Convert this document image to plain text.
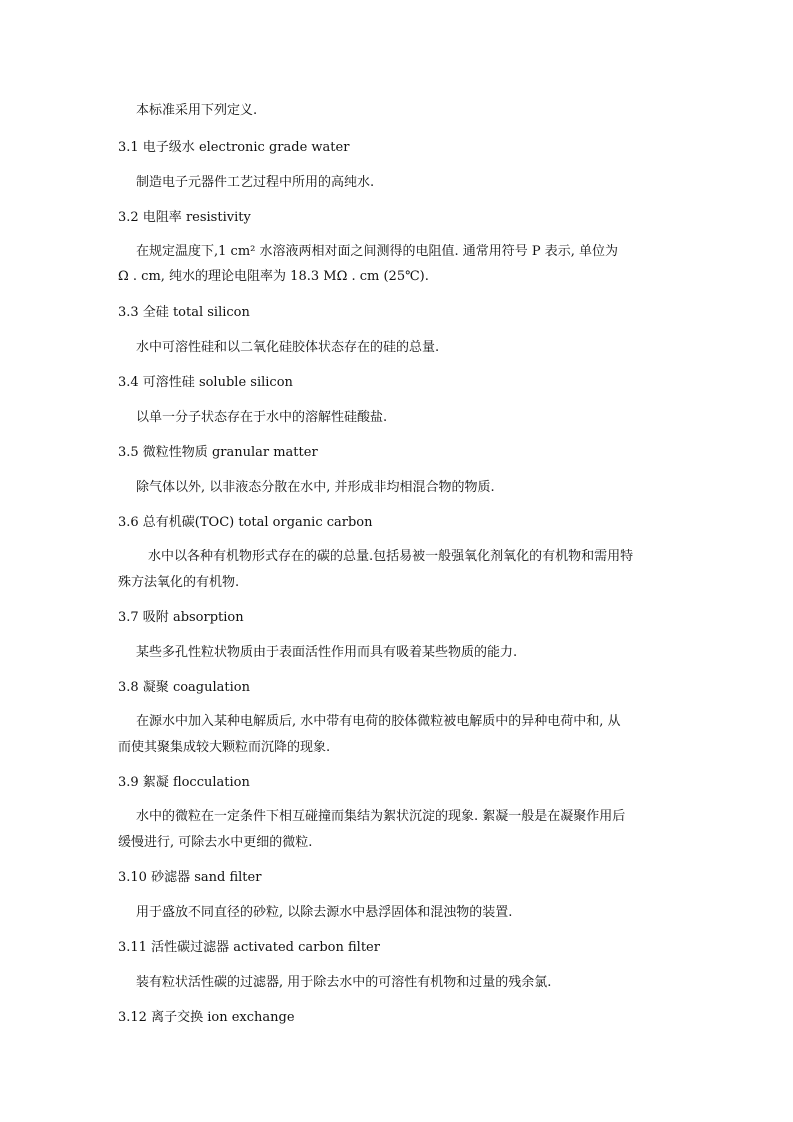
本标准采用下列定义.
3.1 电子级水 electronic grade water
制造电子元器件工艺过程中所用的高纯水.
3.2 电阻率 resistivity
在规定温度下,1 cm² 水溶液两相对面之间测得的电阻值. 通常用符号 P 表示, 单位为
Ω . cm, 纯水的理论电阻率为 18.3 MΩ . cm (25℃).
3.3 全硅 total silicon
水中可溶性硅和以二氧化硅胶体状态存在的硅的总量.
3.4 可溶性硅 soluble silicon
以单一分子状态存在于水中的溶解性硅酸盐.
3.5 微粒性物质 granular matter
除气体以外, 以非液态分散在水中, 并形成非均相混合物的物质.
3.6 总有机碳(TOC) total organic carbon
水中以各种有机物形式存在的碳的总量.包括易被一般强氧化剂氧化的有机物和需用特
殊方法氧化的有机物.
3.7 吸附 absorption
某些多孔性粒状物质由于表面活性作用而具有吸着某些物质的能力.
3.8 凝聚 coagulation
在源水中加入某种电解质后, 水中带有电荷的胶体微粒被电解质中的异种电荷中和, 从
而使其聚集成较大颗粒而沉降的现象.
3.9 絮凝 flocculation
水中的微粒在一定条件下相互碰撞而集结为絮状沉淀的现象. 絮凝一般是在凝聚作用后
缓慢进行, 可除去水中更细的微粒.
3.10 砂滤器 sand filter
用于盛放不同直径的砂粒, 以除去源水中悬浮固体和混浊物的装置.
3.11 活性碳过滤器 activated carbon filter
装有粒状活性碳的过滤器, 用于除去水中的可溶性有机物和过量的残余氯.
3.12 离子交换 ion exchange
